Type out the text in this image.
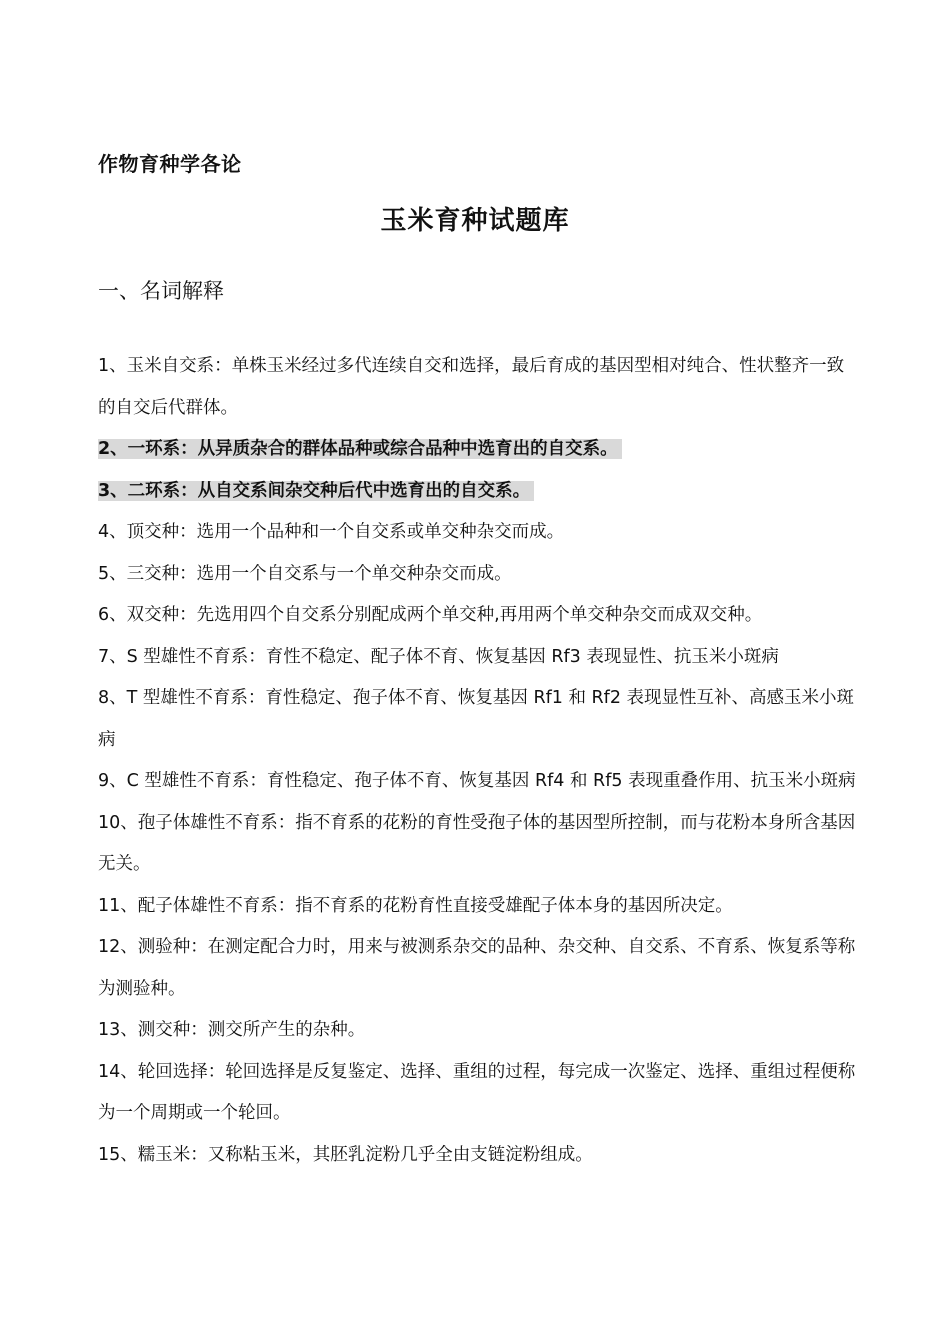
作物育种学各论
玉米育种试题库
一、名词解释

1、玉米自交系：单株玉米经过多代连续自交和选择，最后育成的基因型相对纯合、性状整齐一致的自交后代群体。

2、一环系：从异质杂合的群体品种或综合品种中选育出的自交系。

3、二环系：从自交系间杂交种后代中选育出的自交系。

4、顶交种：选用一个品种和一个自交系或单交种杂交而成。

5、三交种：选用一个自交系与一个单交种杂交而成。

6、双交种：先选用四个自交系分别配成两个单交种,再用两个单交种杂交而成双交种。

7、S 型雄性不育系：育性不稳定、配子体不育、恢复基因 Rf3 表现显性、抗玉米小斑病

8、T 型雄性不育系：育性稳定、孢子体不育、恢复基因 Rf1 和 Rf2 表现显性互补、高感玉米小斑病

9、C 型雄性不育系：育性稳定、孢子体不育、恢复基因 Rf4 和 Rf5 表现重叠作用、抗玉米小斑病

10、孢子体雄性不育系：指不育系的花粉的育性受孢子体的基因型所控制，而与花粉本身所含基因无关。

11、配子体雄性不育系：指不育系的花粉育性直接受雄配子体本身的基因所决定。

12、测验种：在测定配合力时，用来与被测系杂交的品种、杂交种、自交系、不育系、恢复系等称为测验种。

13、测交种：测交所产生的杂种。

14、轮回选择：轮回选择是反复鉴定、选择、重组的过程，每完成一次鉴定、选择、重组过程便称为一个周期或一个轮回。

15、糯玉米：又称粘玉米，其胚乳淀粉几乎全由支链淀粉组成。
